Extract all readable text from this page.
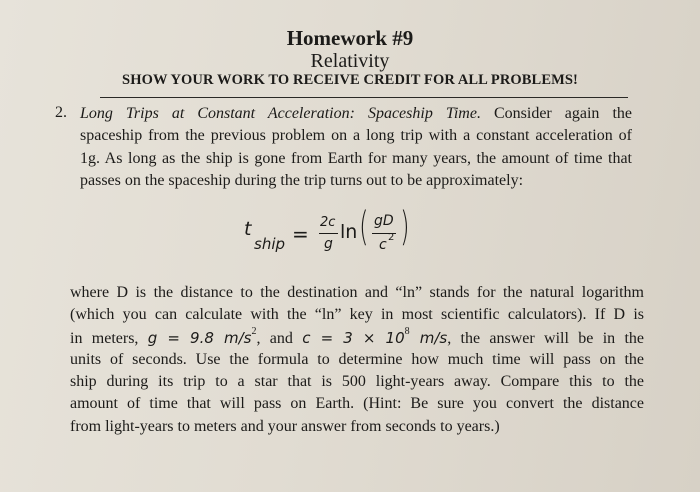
Homework #9
Relativity
SHOW YOUR WORK TO RECEIVE CREDIT FOR ALL PROBLEMS!
2. Long Trips at Constant Acceleration: Spaceship Time. Consider again the
spaceship from the previous problem on a long trip with a constant acceleration of
1g. As long as the ship is gone from Earth for many years, the amount of time that
passes on the spaceship during the trip turns out to be approximately:
t
ship = 2c
g
ln ( gD
c 2 )
where D is the distance to the destination and “ln” stands for the natural logarithm
(which you can calculate with the “ln” key in most scientific calculators). If D is
in meters, g = 9.8 $m/s^2$, and $c = 3 \times 10^8$ m/s, the answer will be in the
units of seconds. Use the formula to determine how much time will pass on the
ship during its trip to a star that is 500 light-years away. Compare this to the
amount of time that will pass on Earth. (Hint: Be sure you convert the distance
from light-years to meters and your answer from seconds to years.)
